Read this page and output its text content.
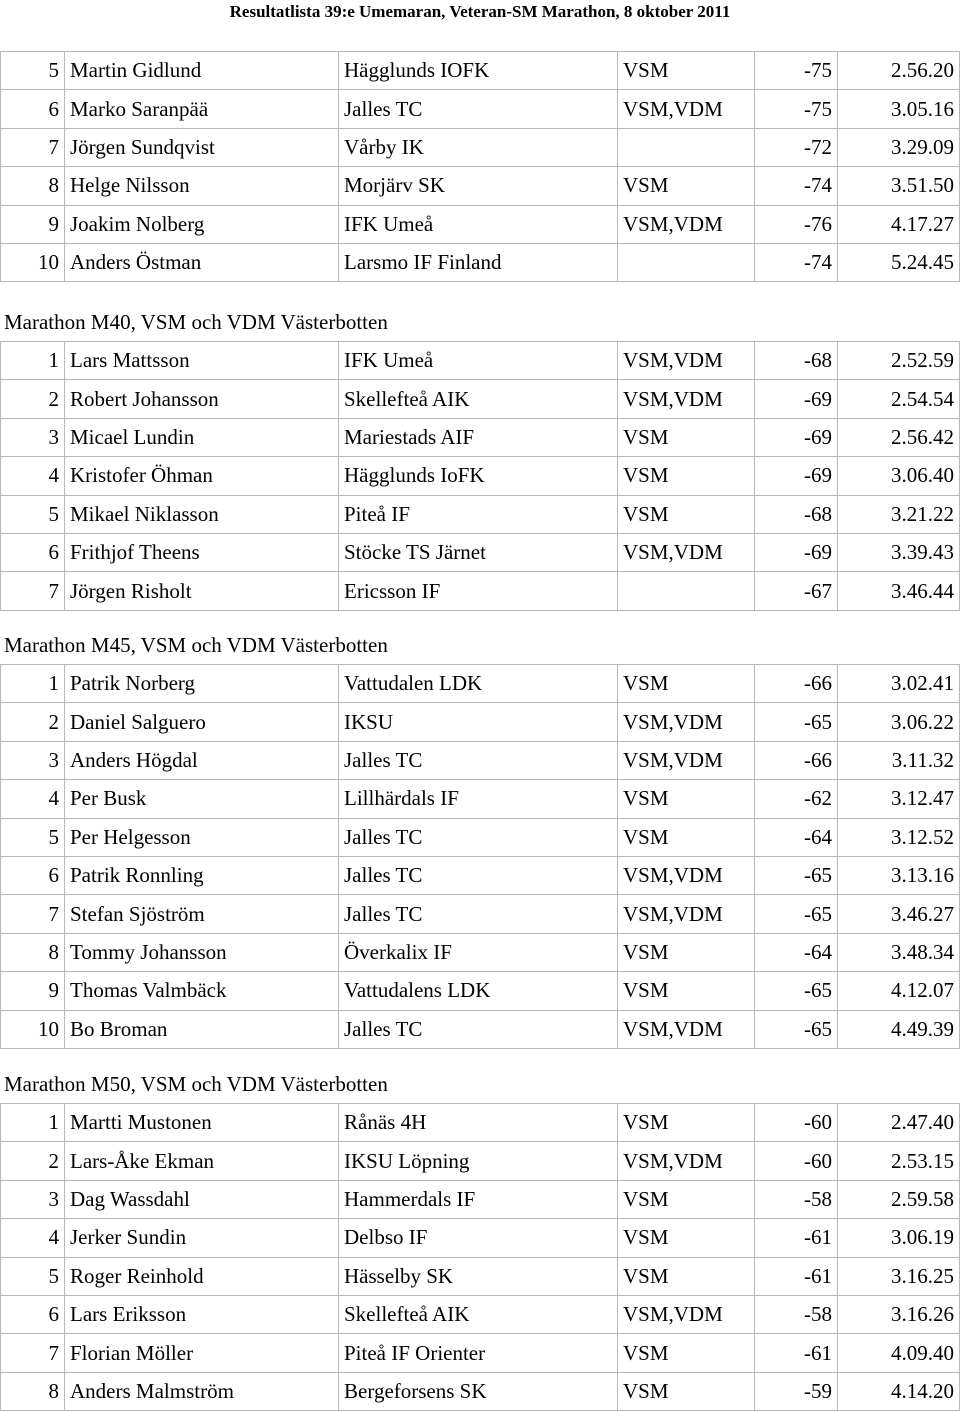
Resultatlista 39:e Umemaran, Veteran-SM Marathon, 8 oktober 2011
5	Martin Gidlund	Hägglunds IOFK	VSM	-75	2.56.20
6	Marko Saranpää	Jalles TC	VSM,VDM	-75	3.05.16
7	Jörgen Sundqvist	Vårby IK		-72	3.29.09
8	Helge Nilsson	Morjärv SK	VSM	-74	3.51.50
9	Joakim Nolberg	IFK Umeå	VSM,VDM	-76	4.17.27
10	Anders Östman	Larsmo IF Finland		-74	5.24.45
Marathon M40, VSM och VDM Västerbotten
1	Lars Mattsson	IFK Umeå	VSM,VDM	-68	2.52.59
2	Robert Johansson	Skellefteå AIK	VSM,VDM	-69	2.54.54
3	Micael Lundin	Mariestads AIF	VSM	-69	2.56.42
4	Kristofer Öhman	Hägglunds IoFK	VSM	-69	3.06.40
5	Mikael Niklasson	Piteå IF	VSM	-68	3.21.22
6	Frithjof Theens	Stöcke TS Järnet	VSM,VDM	-69	3.39.43
7	Jörgen Risholt	Ericsson IF		-67	3.46.44
Marathon M45, VSM och VDM Västerbotten
1	Patrik Norberg	Vattudalen LDK	VSM	-66	3.02.41
2	Daniel Salguero	IKSU	VSM,VDM	-65	3.06.22
3	Anders Högdal	Jalles TC	VSM,VDM	-66	3.11.32
4	Per Busk	Lillhärdals IF	VSM	-62	3.12.47
5	Per Helgesson	Jalles TC	VSM	-64	3.12.52
6	Patrik Ronnling	Jalles TC	VSM,VDM	-65	3.13.16
7	Stefan Sjöström	Jalles TC	VSM,VDM	-65	3.46.27
8	Tommy Johansson	Överkalix IF	VSM	-64	3.48.34
9	Thomas Valmbäck	Vattudalens LDK	VSM	-65	4.12.07
10	Bo Broman	Jalles TC	VSM,VDM	-65	4.49.39
Marathon M50, VSM och VDM Västerbotten
1	Martti Mustonen	Rånäs 4H	VSM	-60	2.47.40
2	Lars-Åke Ekman	IKSU Löpning	VSM,VDM	-60	2.53.15
3	Dag Wassdahl	Hammerdals IF	VSM	-58	2.59.58
4	Jerker Sundin	Delbso IF	VSM	-61	3.06.19
5	Roger Reinhold	Hässelby SK	VSM	-61	3.16.25
6	Lars Eriksson	Skellefteå AIK	VSM,VDM	-58	3.16.26
7	Florian Möller	Piteå IF Orienter	VSM	-61	4.09.40
8	Anders Malmström	Bergeforsens SK	VSM	-59	4.14.20
